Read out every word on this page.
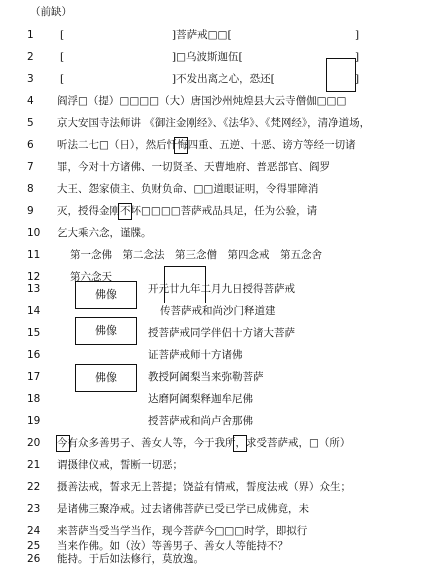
（前缺）
1	[	]菩萨戒□□[	]
2	[	]□乌波斯迦伍[	]
3	[	]不发出离之心，恐还[	]
4	阎浮□（提）□□□□（大）唐国沙州炖煌县大云寺僧伽□□□
5	京大安国寺法师讲 《御注金刚经》、《法华》、《梵网经》，清净道场，
6	听法二七□（日），然后忏悔四重、五逆、十恶、谤方等经一切诸
7	罪，今对十方诸佛、一切贤圣、天曹地府、普恶部官、阎罗
8	大王、怨家债主、负财负命、□□道眼证明，令得罪障消
9	灭，授得金刚不坏□□□□菩萨戒品具足，任为公验，请
10 乞大乘六念，谨牒。
11	第一念佛　第二念法　第三念僧　第四念戒　第五念舍
12	第六念天
佛像
佛像
佛像
13	开元廿九年二月九日授得菩萨戒
14	传菩萨戒和尚沙门释道建
15	授菩萨戒同学伴侣十方诸大菩萨
16	证菩萨戒师十方诸佛
17	教授阿阇梨当来弥勒菩萨
18	达磨阿阇梨释迦牟尼佛
19	授菩萨戒和尚卢舍那佛
20 今有众多善男子、善女人等，今于我所，求受菩萨戒，□（所）
21 谓摄律仪戒，誓断一切恶；
22 摄善法戒，誓求无上菩提；饶益有情戒，誓度法戒（界）众生；
23 是诸佛三聚净戒。过去诸佛菩萨已受已学已成佛竟，未
24 来菩萨当受当学当作，现今菩萨今□□□时学，即拟行
25 当来作佛。如（汝）等善男子、善女人等能持不？
26 能持。于后如法修行，莫放逸。
